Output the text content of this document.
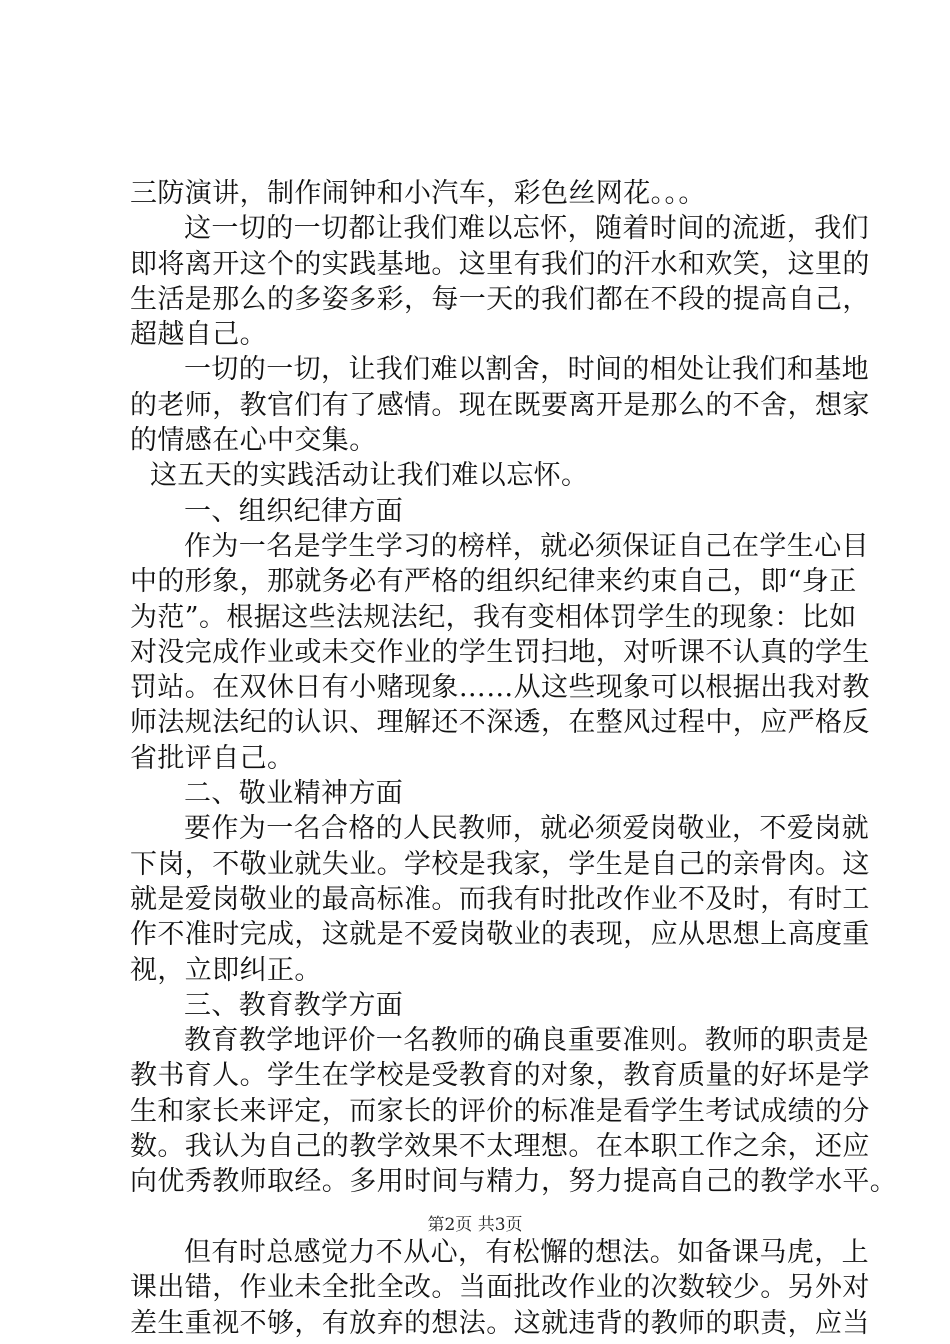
三防演讲，制作闹钟和小汽车，彩色丝网花。。。
这一切的一切都让我们难以忘怀，随着时间的流逝，我们
即将离开这个的实践基地。这里有我们的汗水和欢笑，这里的
生活是那么的多姿多彩，每一天的我们都在不段的提高自己，
超越自己。
一切的一切，让我们难以割舍，时间的相处让我们和基地
的老师，教官们有了感情。现在既要离开是那么的不舍，想家
的情感在心中交集。
这五天的实践活动让我们难以忘怀。
一、组织纪律方面
作为一名是学生学习的榜样，就必须保证自己在学生心目
中的形象，那就务必有严格的组织纪律来约束自己，即“身正
为范”。根据这些法规法纪，我有变相体罚学生的现象：比如
对没完成作业或未交作业的学生罚扫地，对听课不认真的学生
罚站。在双休日有小赌现象……从这些现象可以根据出我对教
师法规法纪的认识、理解还不深透，在整风过程中，应严格反
省批评自己。
二、敬业精神方面
要作为一名合格的人民教师，就必须爱岗敬业，不爱岗就
下岗，不敬业就失业。学校是我家，学生是自己的亲骨肉。这
就是爱岗敬业的最高标准。而我有时批改作业不及时，有时工
作不准时完成，这就是不爱岗敬业的表现，应从思想上高度重
视，立即纠正。
三、教育教学方面
教育教学地评价一名教师的确良重要准则。教师的职责是
教书育人。学生在学校是受教育的对象，教育质量的好坏是学
生和家长来评定，而家长的评价的标准是看学生考试成绩的分
数。我认为自己的教学效果不太理想。在本职工作之余，还应
向优秀教师取经。多用时间与精力，努力提高自己的教学水平。
但有时总感觉力不从心，有松懈的想法。如备课马虎，上
课出错，作业未全批全改。当面批改作业的次数较少。另外对
差生重视不够，有放弃的想法。这就违背的教师的职责，应当
第2页 共3页
